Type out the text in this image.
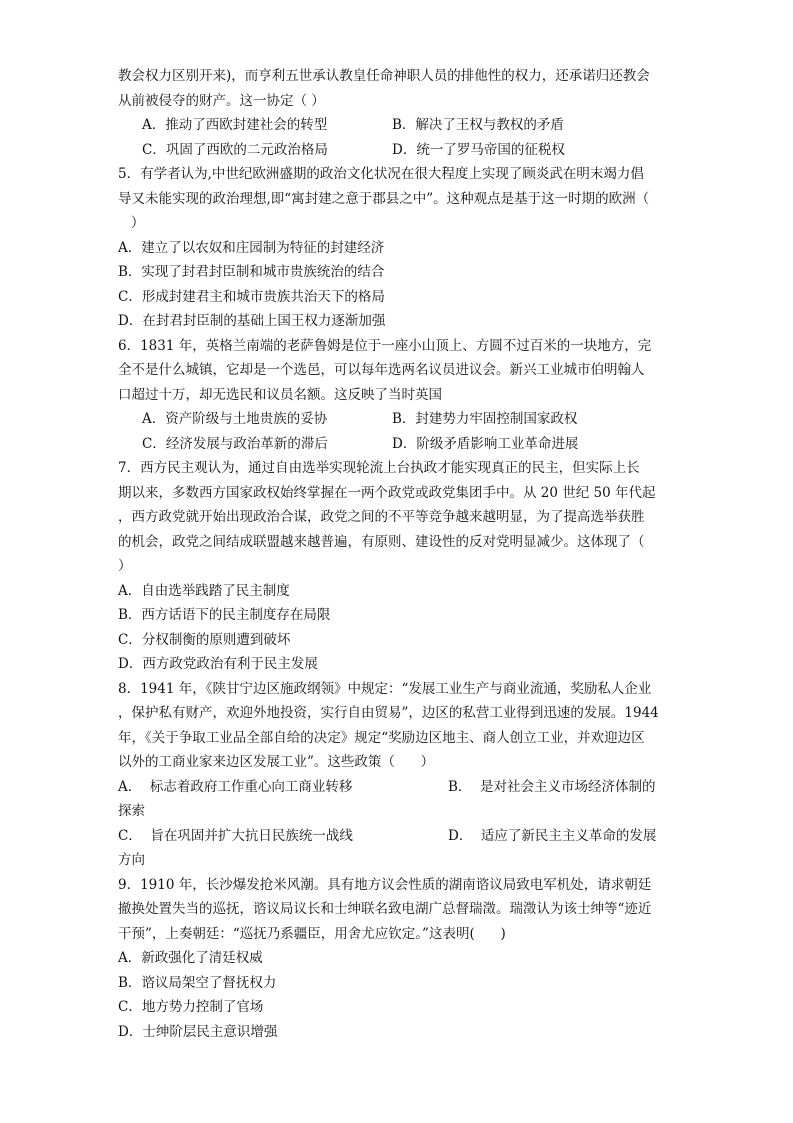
教会权力区别开来)，而亨利五世承认教皇任命神职人员的排他性的权力，还承诺归还教会

从前被侵夺的财产。这一协定（ ）

A．推动了西欧封建社会的转型	B．解决了王权与教权的矛盾
C．巩固了西欧的二元政治格局	D．统一了罗马帝国的征税权

5．有学者认为,中世纪欧洲盛期的政治文化状况在很大程度上实现了顾炎武在明末竭力倡

导又未能实现的政治理想,即“寓封建之意于郡县之中”。这种观点是基于这一时期的欧洲（

）

A．建立了以农奴和庄园制为特征的封建经济

B．实现了封君封臣制和城市贵族统治的结合

C．形成封建君主和城市贵族共治天下的格局

D．在封君封臣制的基础上国王权力逐渐加强

6．1831 年，英格兰南端的老萨鲁姆是位于一座小山顶上、方圆不过百米的一块地方，完

全不是什么城镇，它却是一个选邑，可以每年选两名议员进议会。新兴工业城市伯明翰人

口超过十万，却无选民和议员名额。这反映了当时英国

A．资产阶级与土地贵族的妥协	B．封建势力牢固控制国家政权
C．经济发展与政治革新的滞后	D．阶级矛盾影响工业革命进展

7．西方民主观认为，通过自由选举实现轮流上台执政才能实现真正的民主，但实际上长

期以来，多数西方国家政权始终掌握在一两个政党或政党集团手中。从 20 世纪 50 年代起

，西方政党就开始出现政治合谋，政党之间的不平等竞争越来越明显，为了提高选举获胜

的机会，政党之间结成联盟越来越普遍，有原则、建设性的反对党明显减少。这体现了（

）

A．自由选举践踏了民主制度

B．西方话语下的民主制度存在局限

C．分权制衡的原则遭到破坏

D．西方政党政治有利于民主发展

8．1941 年，《陕甘宁边区施政纲领》中规定：“发展工业生产与商业流通，奖励私人企业

，保护私有财产，欢迎外地投资，实行自由贸易”，边区的私营工业得到迅速的发展。1944

年，《关于争取工业品全部自给的决定》规定“奖励边区地主、商人创立工业，并欢迎边区

以外的工商业家来边区发展工业”。这些政策（      ）

A．  标志着政府工作重心向工商业转移	B．  是对社会主义市场经济体制的

探索

C．  旨在巩固并扩大抗日民族统一战线	D．  适应了新民主主义革命的发展

方向

9．1910 年，长沙爆发抢米风潮。具有地方议会性质的湖南谘议局致电军机处，请求朝廷

撤换处置失当的巡抚，谘议局议长和士绅联名致电湖广总督瑞澂。瑞澂认为该士绅等“迹近

干预”，上奏朝廷：“巡抚乃系疆臣，用舍尤应钦定。”这表明(      )

A．新政强化了清廷权威

B．谘议局架空了督抚权力

C．地方势力控制了官场

D．士绅阶层民主意识增强
